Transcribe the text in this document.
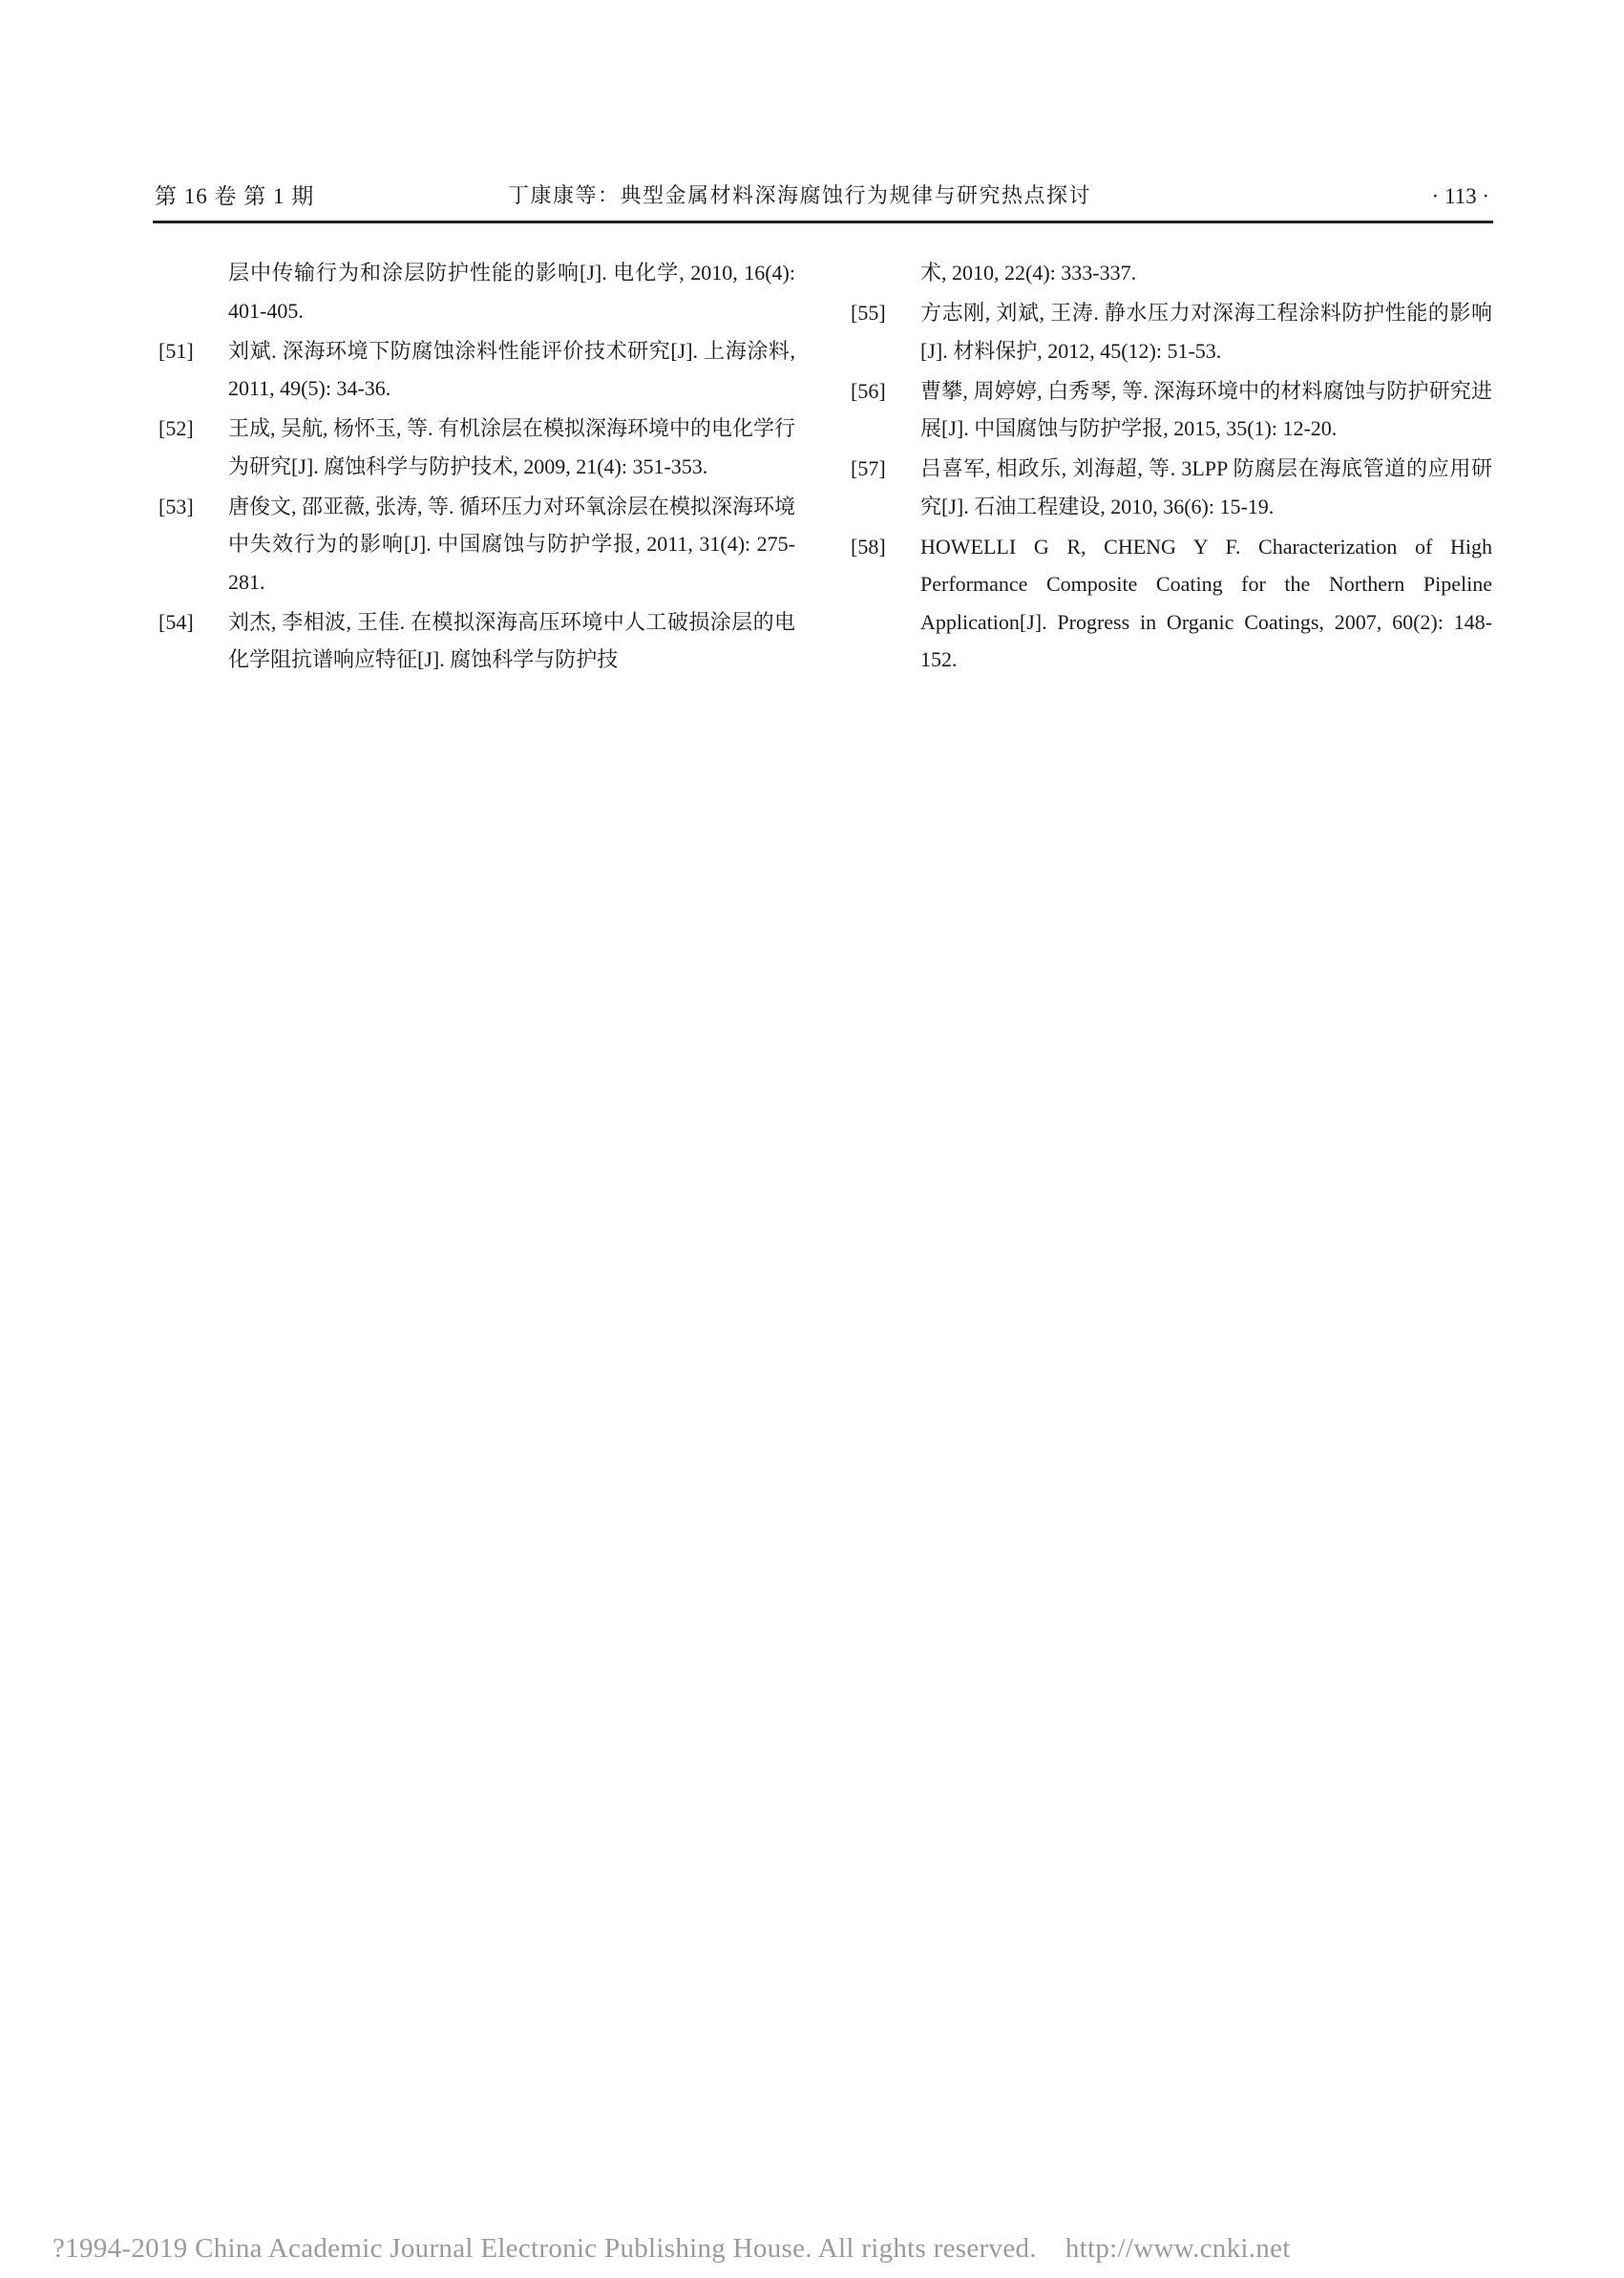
第 16 卷 第 1 期	丁康康等：典型金属材料深海腐蚀行为规律与研究热点探讨	· 113 ·
层中传输行为和涂层防护性能的影响[J]. 电化学, 2010, 16(4): 401-405.
[51] 刘斌. 深海环境下防腐蚀涂料性能评价技术研究[J]. 上海涂料, 2011, 49(5): 34-36.
[52] 王成, 吴航, 杨怀玉, 等. 有机涂层在模拟深海环境中的电化学行为研究[J]. 腐蚀科学与防护技术, 2009, 21(4): 351-353.
[53] 唐俊文, 邵亚薇, 张涛, 等. 循环压力对环氧涂层在模拟深海环境中失效行为的影响[J]. 中国腐蚀与防护学报, 2011, 31(4): 275-281.
[54] 刘杰, 李相波, 王佳. 在模拟深海高压环境中人工破损涂层的电化学阻抗谱响应特征[J]. 腐蚀科学与防护技
术, 2010, 22(4): 333-337.
[55] 方志刚, 刘斌, 王涛. 静水压力对深海工程涂料防护性能的影响[J]. 材料保护, 2012, 45(12): 51-53.
[56] 曹攀, 周婷婷, 白秀琴, 等. 深海环境中的材料腐蚀与防护研究进展[J]. 中国腐蚀与防护学报, 2015, 35(1): 12-20.
[57] 吕喜军, 相政乐, 刘海超, 等. 3LPP 防腐层在海底管道的应用研究[J]. 石油工程建设, 2010, 36(6): 15-19.
[58] HOWELLI G R, CHENG Y F. Characterization of High Performance Composite Coating for the Northern Pipeline Application[J]. Progress in Organic Coatings, 2007, 60(2): 148-152.
?1994-2019 China Academic Journal Electronic Publishing House. All rights reserved. http://www.cnki.net
